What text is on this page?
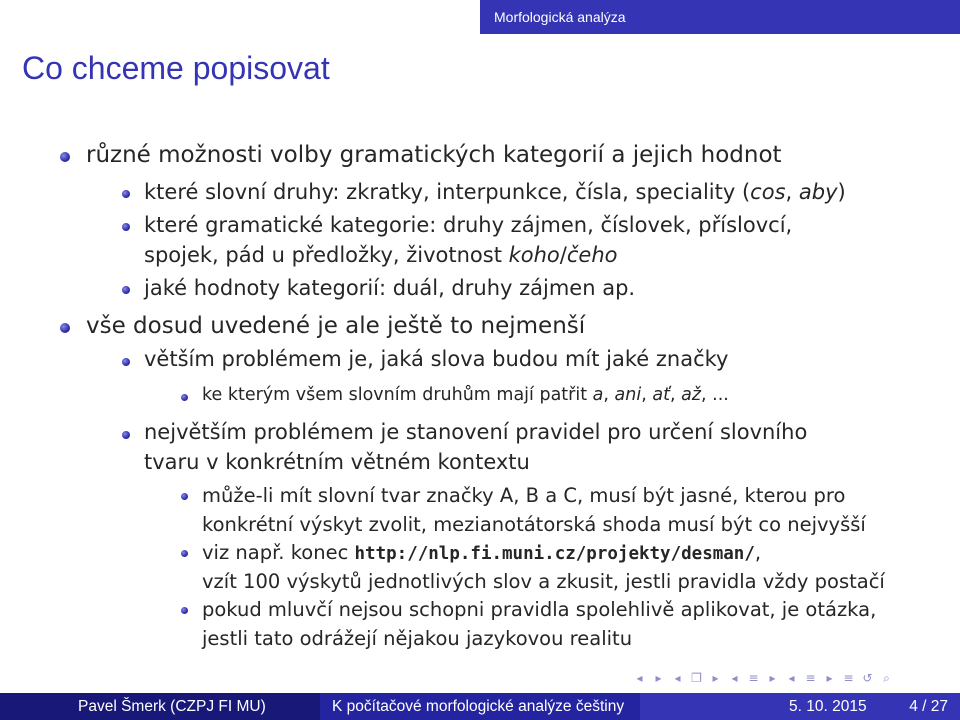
Morfologická analýza
Co chceme popisovat

různé možnosti volby gramatických kategorií a jejich hodnot

které slovní druhy: zkratky, interpunkce, čísla, speciality (cos, aby)

které gramatické kategorie: druhy zájmen, číslovek, příslovcí,

spojek, pád u předložky, životnost koho/čeho

jaké hodnoty kategorií: duál, druhy zájmen ap.

vše dosud uvedené je ale ještě to nejmenší

větším problémem je, jaká slova budou mít jaké značky

ke kterým všem slovním druhům mají patřit a, ani, ať, až, ...

největším problémem je stanovení pravidel pro určení slovního

tvaru v konkrétním větném kontextu

může-li mít slovní tvar značky A, B a C, musí být jasné, kterou pro

konkrétní výskyt zvolit, mezianotátorská shoda musí být co nejvyšší

viz např. konec http://nlp.fi.muni.cz/projekty/desman/,

vzít 100 výskytů jednotlivých slov a zkusit, jestli pravidla vždy postačí

pokud mluvčí nejsou schopni pravidla spolehlivě aplikovat, je otázka,

jestli tato odrážejí nějakou jazykovou realitu

◂	▸	◂ ❐ ▸	◂ ≡ ▸	◂ ≡ ▸ ≡ ↺ ⌕
Pavel Šmerk (CZPJ FI MU)	K počítačové morfologické analýze češtiny	5. 10. 2015	4 / 27
